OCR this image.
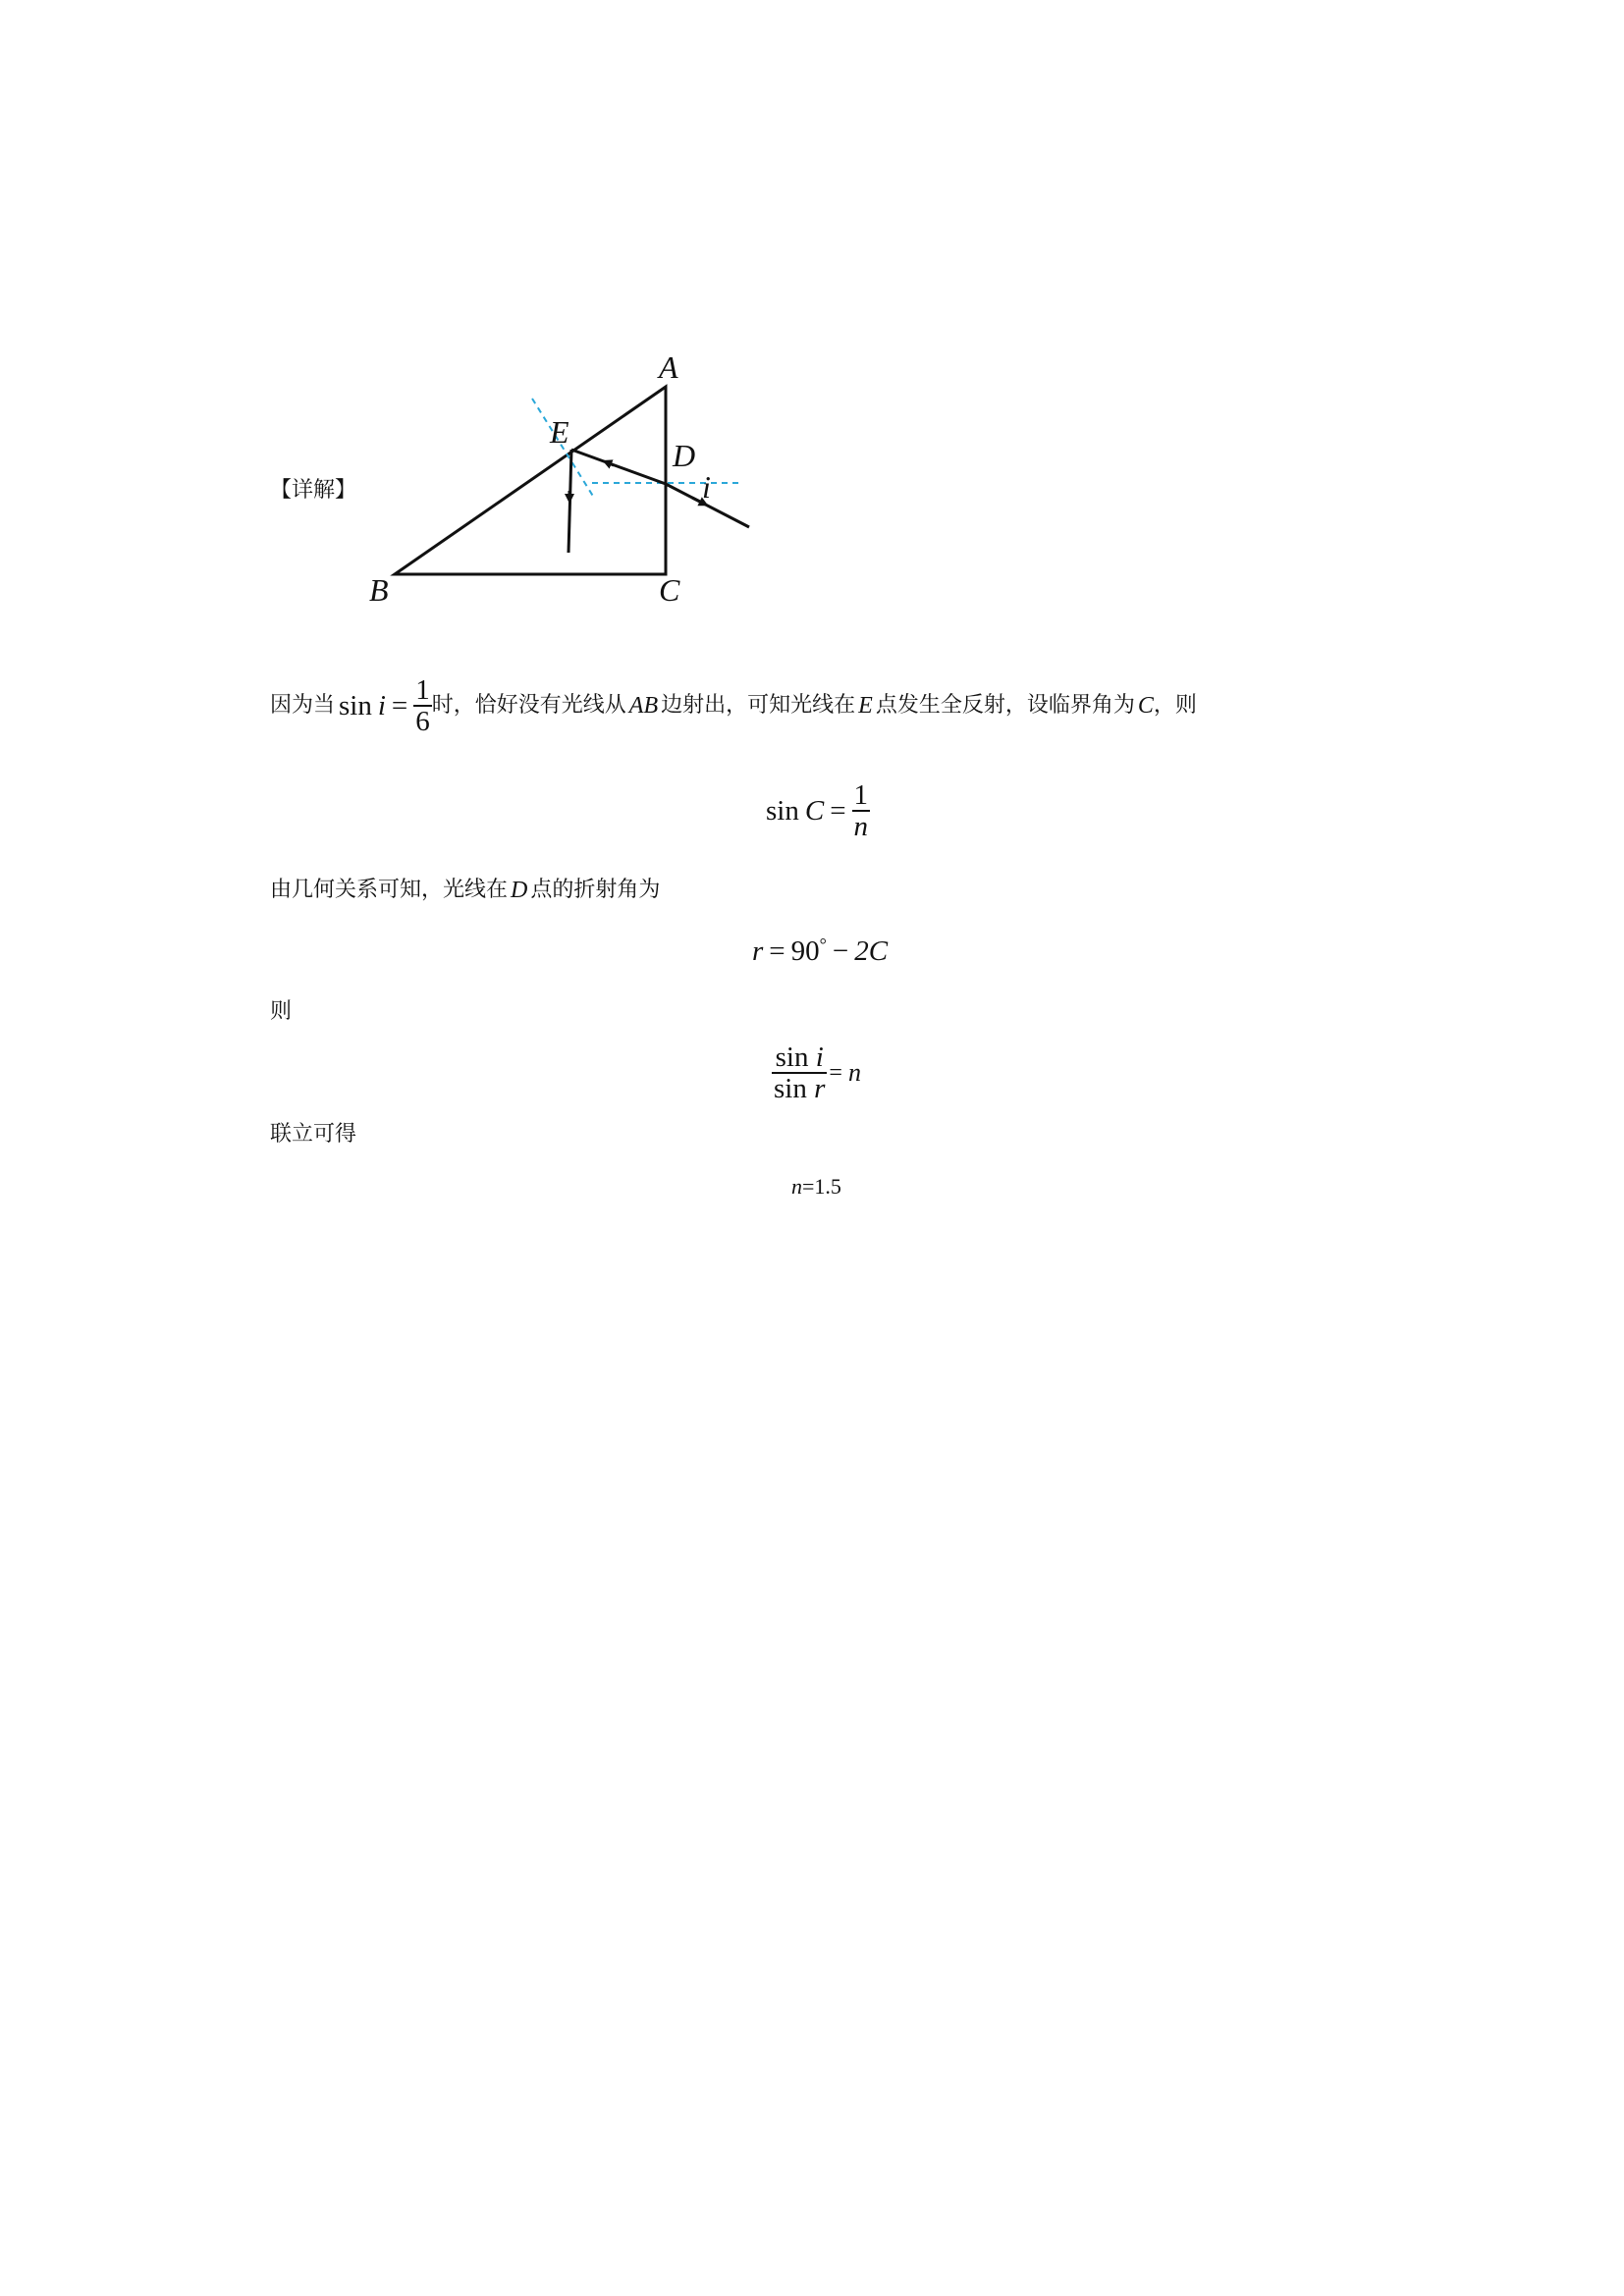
【详解】
A
B	C
D
E
i
因为当 $\sin i = \frac{1}{6}$ 时，恰好没有光线从 AB 边射出，可知光线在 E 点发生全反射，设临界角为 C ，则
$\sin C = \frac{1}{n}$
由几何关系可知，光线在 D 点的折射角为
r = 90 ° − 2C
则
$\frac{\text{sin i}}{\text{sin r}} = n$
联立可得
n =1.5
